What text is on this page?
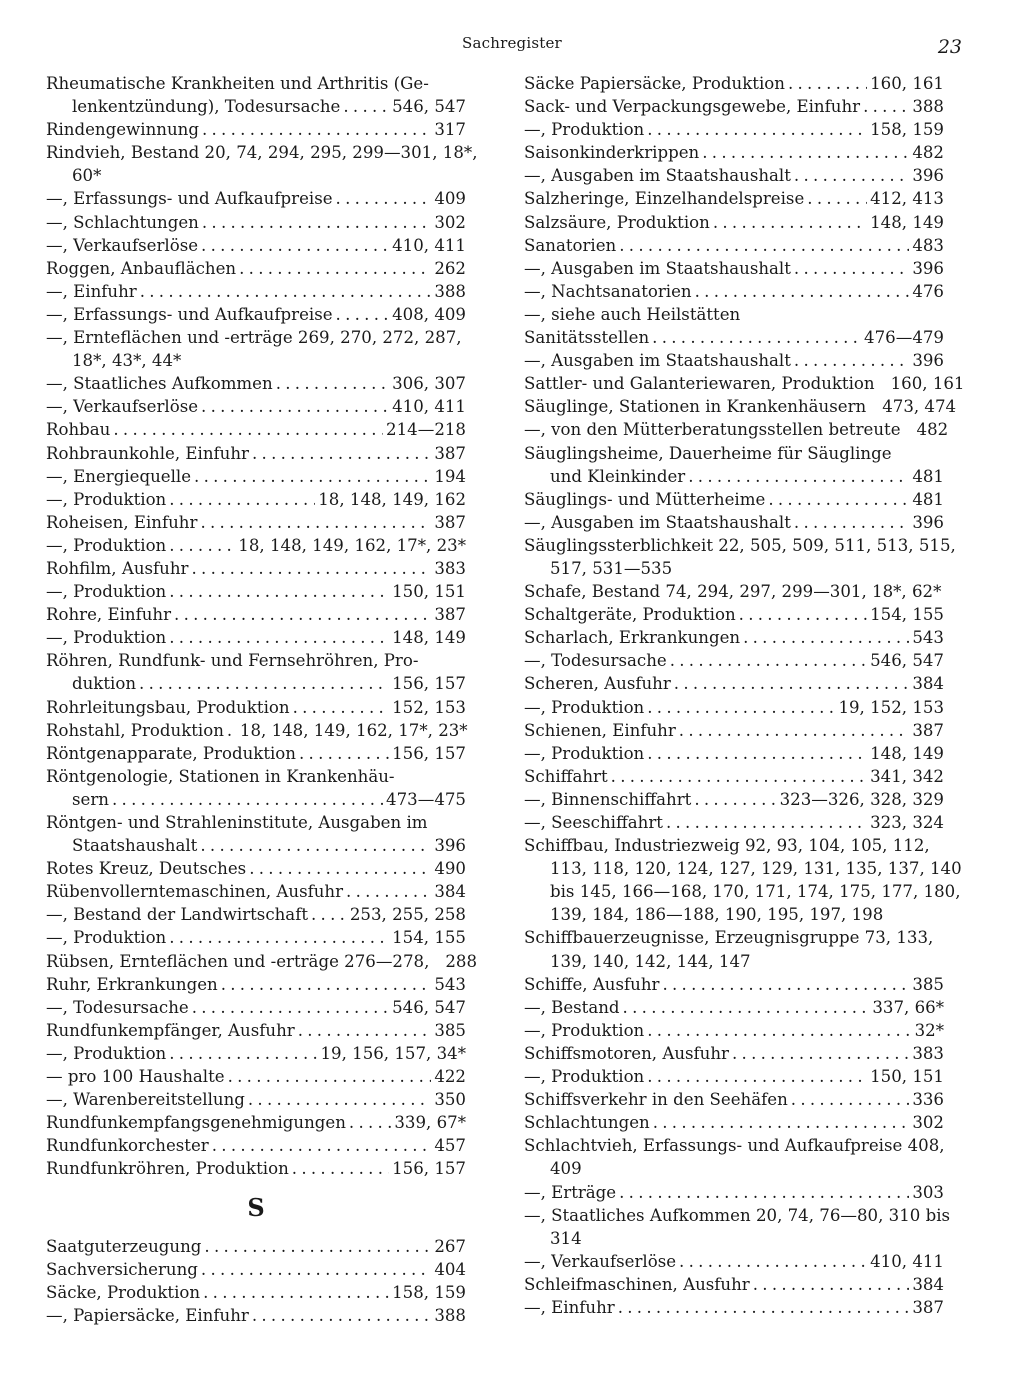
Sachregister	23
Rheumatische Krankheiten und Arthritis (Ge-
lenkentzündung), Todesursache . . .	546, 547
Rindengewinnung . . .	317
Rindvieh, Bestand 20, 74, 294, 295, 299—301, 18*,
60*
—, Erfassungs- und Aufkaufpreise . . .	409
—, Schlachtungen . . .	302
—, Verkaufserlöse . . .	410, 411
Roggen, Anbauflächen . . .	262
—, Einfuhr . . .	388
—, Erfassungs- und Aufkaufpreise . . .	408, 409
—, Ernteflächen und -erträge 269, 270, 272, 287,
18*, 43*, 44*
—, Staatliches Aufkommen . . .	306, 307
—, Verkaufserlöse . . .	410, 411
Rohbau . . .	214—218
Rohbraunkohle, Einfuhr . . .	387
—, Energiequelle . . .	194
—, Produktion . . .	18, 148, 149, 162
Roheisen, Einfuhr . . .	387
—, Produktion . . .	18, 148, 149, 162, 17*, 23*
Rohfilm, Ausfuhr . . .	383
—, Produktion . . .	150, 151
Rohre, Einfuhr . . .	387
—, Produktion . . .	148, 149
Röhren, Rundfunk- und Fernsehröhren, Pro-
duktion . . .	156, 157
Rohrleitungsbau, Produktion . . .	152, 153
Rohstahl, Produktion . . . 18, 148, 149, 162, 17*, 23*
Röntgenapparate, Produktion . . .	156, 157
Röntgenologie, Stationen in Krankenhäu-
sern . . .	473—475
Röntgen- und Strahleninstitute, Ausgaben im
Staatshaushalt . . .	396
Rotes Kreuz, Deutsches . . .	490
Rübenvollerntemaschinen, Ausfuhr . . .	384
—, Bestand der Landwirtschaft . . .	253, 255, 258
—, Produktion . . .	154, 155
Rübsen, Ernteflächen und -erträge 276—278, 288
Ruhr, Erkrankungen . . .	543
—, Todesursache . . .	546, 547
Rundfunkempfänger, Ausfuhr . . .	385
—, Produktion . . .	19, 156, 157, 34*
— pro 100 Haushalte . . .	422
—, Warenbereitstellung . . .	350
Rundfunkempfangsgenehmigungen . . .	339, 67*
Rundfunkorchester . . .	457
Rundfunkröhren, Produktion . . .	156, 157
S
Saatguterzeugung . . .	267
Sachversicherung . . .	404
Säcke, Produktion . . .	158, 159
—, Papiersäcke, Einfuhr . . .	388
Säcke Papiersäcke, Produktion . . .	160, 161
Sack- und Verpackungsgewebe, Einfuhr . . .	388
—, Produktion . . .	158, 159
Saisonkinderkrippen . . .	482
—, Ausgaben im Staatshaushalt . . .	396
Salzheringe, Einzelhandelspreise . . .	412, 413
Salzsäure, Produktion . . .	148, 149
Sanatorien . . .	483
—, Ausgaben im Staatshaushalt . . .	396
—, Nachtsanatorien . . .	476
—, siehe auch Heilstätten
Sanitätsstellen . . .	476—479
—, Ausgaben im Staatshaushalt . . .	396
Sattler- und Galanteriewaren, Produktion 160, 161
Säuglinge, Stationen in Krankenhäusern 473, 474
—, von den Mütterberatungsstellen betreute 482
Säuglingsheime, Dauerheime für Säuglinge
und Kleinkinder . . .	481
Säuglings- und Mütterheime . . .	481
—, Ausgaben im Staatshaushalt . . .	396
Säuglingssterblichkeit 22, 505, 509, 511, 513, 515,
517, 531—535
Schafe, Bestand 74, 294, 297, 299—301, 18*, 62*
Schaltgeräte, Produktion . . .	154, 155
Scharlach, Erkrankungen . . .	543
—, Todesursache . . .	546, 547
Scheren, Ausfuhr . . .	384
—, Produktion . . .	19, 152, 153
Schienen, Einfuhr . . .	387
—, Produktion . . .	148, 149
Schiffahrt . . .	341, 342
—, Binnenschiffahrt . . .	323—326, 328, 329
—, Seeschiffahrt . . .	323, 324
Schiffbau, Industriezweig 92, 93, 104, 105, 112,
113, 118, 120, 124, 127, 129, 131, 135, 137, 140
bis 145, 166—168, 170, 171, 174, 175, 177, 180,
139, 184, 186—188, 190, 195, 197, 198
Schiffbauerzeugnisse, Erzeugnisgruppe 73, 133,
139, 140, 142, 144, 147
Schiffe, Ausfuhr . . .	385
—, Bestand . . .	337, 66*
—, Produktion . . .	32*
Schiffsmotoren, Ausfuhr . . .	383
—, Produktion . . .	150, 151
Schiffsverkehr in den Seehäfen . . .	336
Schlachtungen . . .	302
Schlachtvieh, Erfassungs- und Aufkaufpreise 408,
409
—, Erträge . . .	303
—, Staatliches Aufkommen 20, 74, 76—80, 310 bis
314
—, Verkaufserlöse . . .	410, 411
Schleifmaschinen, Ausfuhr . . .	384
—, Einfuhr . . .	387
